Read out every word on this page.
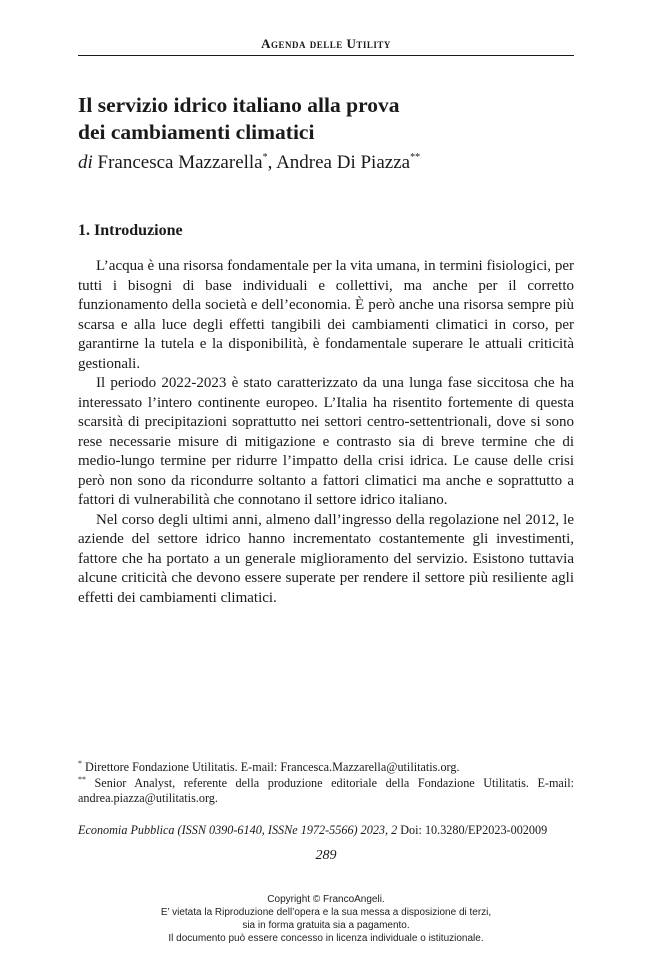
Agenda delle Utility
Il servizio idrico italiano alla prova
dei cambiamenti climatici
di Francesca Mazzarella*, Andrea Di Piazza**
1. Introduzione

L’acqua è una risorsa fondamentale per la vita umana, in termini fisiologici, per tutti i bisogni di base individuali e collettivi, ma anche per il corretto funzionamento della società e dell’economia. È però anche una risorsa sempre più scarsa e alla luce degli effetti tangibili dei cambiamenti climatici in corso, per garantirne la tutela e la disponibilità, è fondamentale superare le attuali criticità gestionali.

Il periodo 2022-2023 è stato caratterizzato da una lunga fase siccitosa che ha interessato l’intero continente europeo. L’Italia ha risentito fortemente di questa scarsità di precipitazioni soprattutto nei settori centro-settentrionali, dove si sono rese necessarie misure di mitigazione e contrasto sia di breve termine che di medio-lungo termine per ridurre l’impatto della crisi idrica. Le cause delle crisi però non sono da ricondurre soltanto a fattori climatici ma anche e soprattutto a fattori di vulnerabilità che connotano il settore idrico italiano.

Nel corso degli ultimi anni, almeno dall’ingresso della regolazione nel 2012, le aziende del settore idrico hanno incrementato costantemente gli investimenti, fattore che ha portato a un generale miglioramento del servizio. Esistono tuttavia alcune criticità che devono essere superate per rendere il settore più resiliente agli effetti dei cambiamenti climatici.

* Direttore Fondazione Utilitatis. E-mail: Francesca.Mazzarella@utilitatis.org.

** Senior Analyst, referente della produzione editoriale della Fondazione Utilitatis. E-mail: andrea.piazza@utilitatis.org.

Economia Pubblica (ISSN 0390-6140, ISSNe 1972-5566) 2023, 2 Doi: 10.3280/EP2023-002009
289
Copyright © FrancoAngeli.
E’ vietata la Riproduzione dell’opera e la sua messa a disposizione di terzi,
sia in forma gratuita sia a pagamento.
Il documento può essere concesso in licenza individuale o istituzionale.
